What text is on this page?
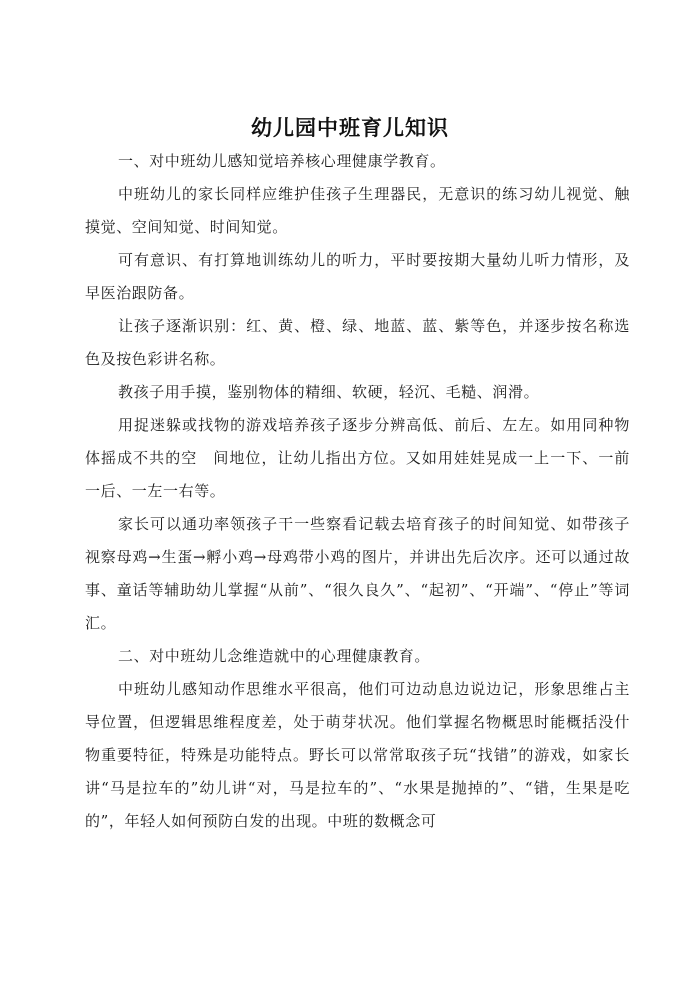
幼儿园中班育儿知识

一、对中班幼儿感知觉培养核心理健康学教育。

中班幼儿的家长同样应维护佳孩子生理器民，无意识的练习幼儿视觉、触摸觉、空间知觉、时间知觉。

可有意识、有打算地训练幼儿的听力，平时要按期大量幼儿听力情形，及早医治跟防备。

让孩子逐渐识别：红、黄、橙、绿、地蓝、蓝、紫等色，并逐步按名称选色及按色彩讲名称。

教孩子用手摸，鉴别物体的精细、软硬，轻沉、毛糙、润滑。

用捉迷躲或找物的游戏培养孩子逐步分辨高低、前后、左左。如用同种物体摇成不共的空　间地位，让幼儿指出方位。又如用娃娃晃成一上一下、一前一后、一左一右等。

家长可以通功率领孩子干一些察看记载去培育孩子的时间知觉、如带孩子视察母鸡→生蛋→孵小鸡→母鸡带小鸡的图片，并讲出先后次序。还可以通过故事、童话等辅助幼儿掌握“从前”、“很久良久”、“起初”、“开端”、“停止”等词汇。

二、对中班幼儿念维造就中的心理健康教育。

中班幼儿感知动作思维水平很高，他们可边动息边说边记，形象思维占主导位置，但逻辑思维程度差，处于萌芽状况。他们掌握名物概思时能概括没什物重要特征，特殊是功能特点。野长可以常常取孩子玩“找错”的游戏，如家长讲“马是拉车的”幼儿讲“对，马是拉车的”、“水果是抛掉的”、“错，生果是吃的”，年轻人如何预防白发的出现。中班的数概念可
